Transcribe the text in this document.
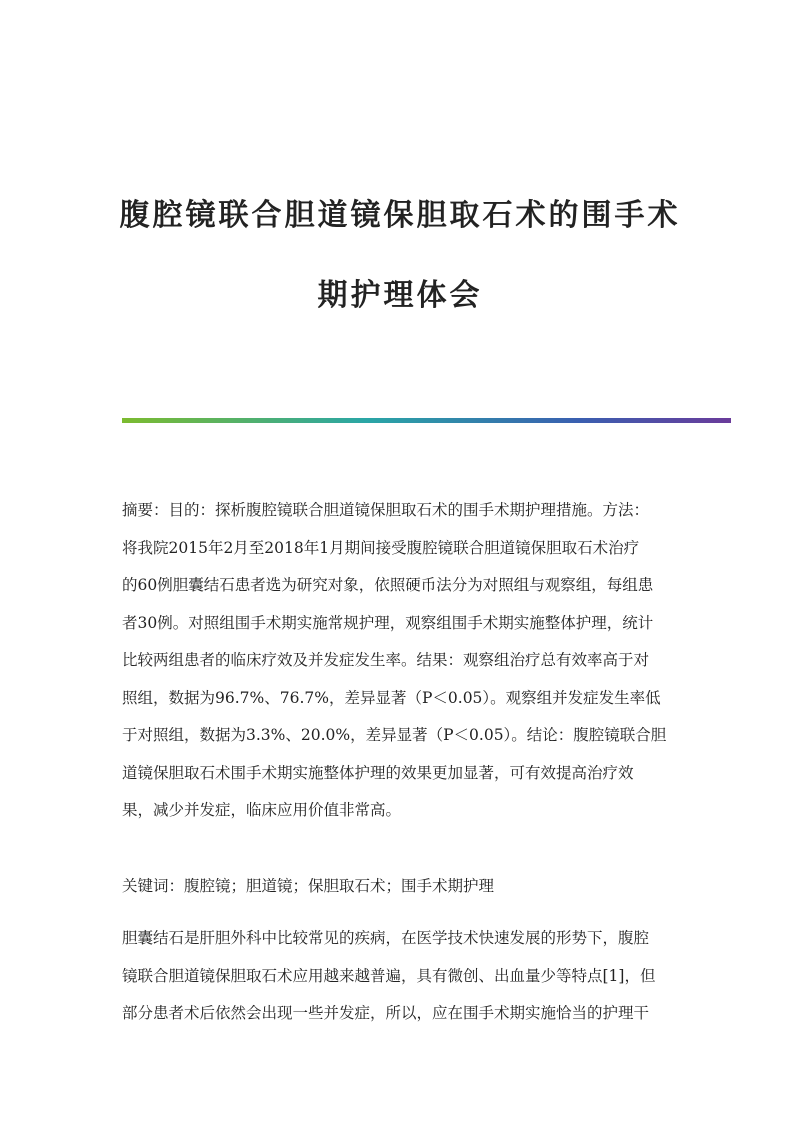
腹腔镜联合胆道镜保胆取石术的围手术
期护理体会

摘要：目的：探析腹腔镜联合胆道镜保胆取石术的围手术期护理措施。方法：
将我院2015年2月至2018年1月期间接受腹腔镜联合胆道镜保胆取石术治疗
的60例胆囊结石患者选为研究对象，依照硬币法分为对照组与观察组，每组患
者30例。对照组围手术期实施常规护理，观察组围手术期实施整体护理，统计
比较两组患者的临床疗效及并发症发生率。结果：观察组治疗总有效率高于对
照组，数据为96.7%、76.7%，差异显著（P＜0.05）。观察组并发症发生率低
于对照组，数据为3.3%、20.0%，差异显著（P＜0.05）。结论：腹腔镜联合胆
道镜保胆取石术围手术期实施整体护理的效果更加显著，可有效提高治疗效
果，减少并发症，临床应用价值非常高。

关键词：腹腔镜；胆道镜；保胆取石术；围手术期护理

胆囊结石是肝胆外科中比较常见的疾病，在医学技术快速发展的形势下，腹腔
镜联合胆道镜保胆取石术应用越来越普遍，具有微创、出血量少等特点[1]，但
部分患者术后依然会出现一些并发症，所以，应在围手术期实施恰当的护理干
